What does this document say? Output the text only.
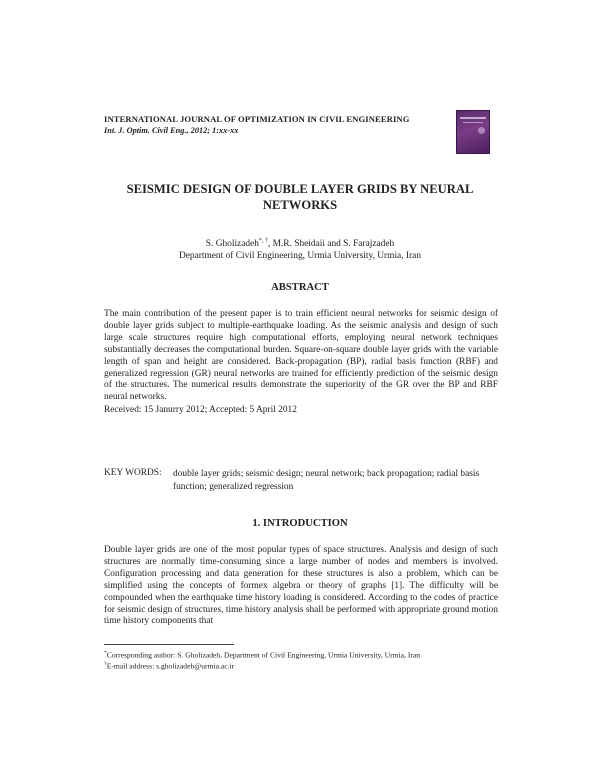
INTERNATIONAL JOURNAL OF OPTIMIZATION IN CIVIL ENGINEERING
Int. J. Optim. Civil Eng., 2012; 1:xx-xx
SEISMIC DESIGN OF DOUBLE LAYER GRIDS BY NEURAL NETWORKS
S. Gholizadeh*, †, M.R. Sheidaii and S. Farajzadeh
Department of Civil Engineering, Urmia University, Urmia, Iran
ABSTRACT
The main contribution of the present paper is to train efficient neural networks for seismic design of double layer grids subject to multiple-earthquake loading. As the seismic analysis and design of such large scale structures require high computational efforts, employing neural network techniques substantially decreases the computational burden. Square-on-square double layer grids with the variable length of span and height are considered. Back-propagation (BP), radial basis function (RBF) and generalized regression (GR) neural networks are trained for efficiently prediction of the seismic design of the structures. The numerical results demonstrate the superiority of the GR over the BP and RBF neural networks.
Received: 15 Janurry 2012; Accepted: 5 April 2012
KEY WORDS: double layer grids; seismic design; neural network; back propagation; radial basis function; generalized regression
1. INTRODUCTION
Double layer grids are one of the most popular types of space structures. Analysis and design of such structures are normally time-consuming since a large number of nodes and members is involved. Configuration processing and data generation for these structures is also a problem, which can be simplified using the concepts of formex algebra or theory of graphs [1]. The difficulty will be compounded when the earthquake time history loading is considered. According to the codes of practice for seismic design of structures, time history analysis shall be performed with appropriate ground motion time history components that
*Corresponding author: S. Gholizadeh, Department of Civil Engineering, Urmia University, Urmia, Iran
†E-mail address: s.gholizadeh@urmia.ac.ir
